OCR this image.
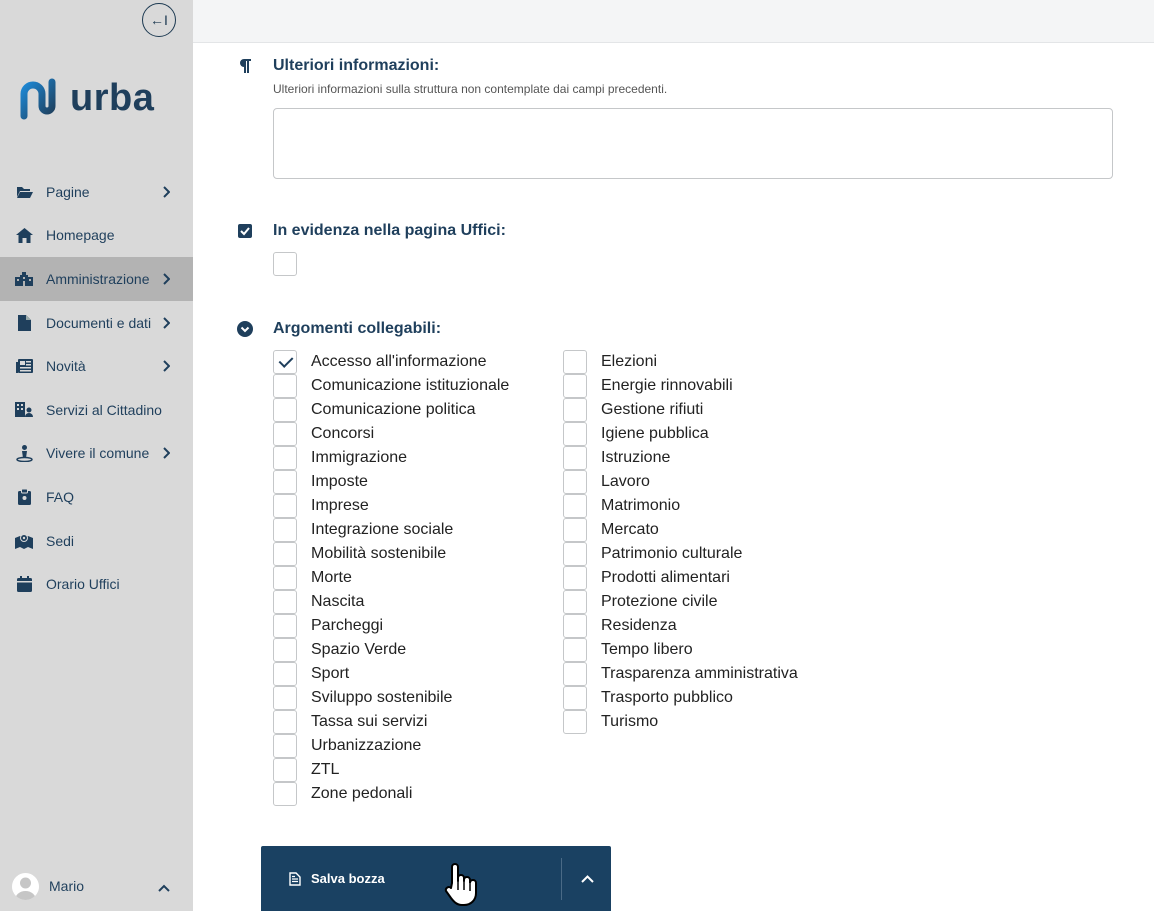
←I
urba
Pagine
Homepage
Amministrazione
Documenti e dati
Novità
Servizi al Cittadino
Vivere il comune
FAQ
Sedi
Orario Uffici
Mario
Ulteriori informazioni:
Ulteriori informazioni sulla struttura non contemplate dai campi precedenti.
In evidenza nella pagina Uffici:
Argomenti collegabili:
Accesso all'informazione
Comunicazione istituzionale
Comunicazione politica
Concorsi
Immigrazione
Imposte
Imprese
Integrazione sociale
Mobilità sostenibile
Morte
Nascita
Parcheggi
Spazio Verde
Sport
Sviluppo sostenibile
Tassa sui servizi
Urbanizzazione
ZTL
Zone pedonali
Elezioni
Energie rinnovabili
Gestione rifiuti
Igiene pubblica
Istruzione
Lavoro
Matrimonio
Mercato
Patrimonio culturale
Prodotti alimentari
Protezione civile
Residenza
Tempo libero
Trasparenza amministrativa
Trasporto pubblico
Turismo
Salva bozza
